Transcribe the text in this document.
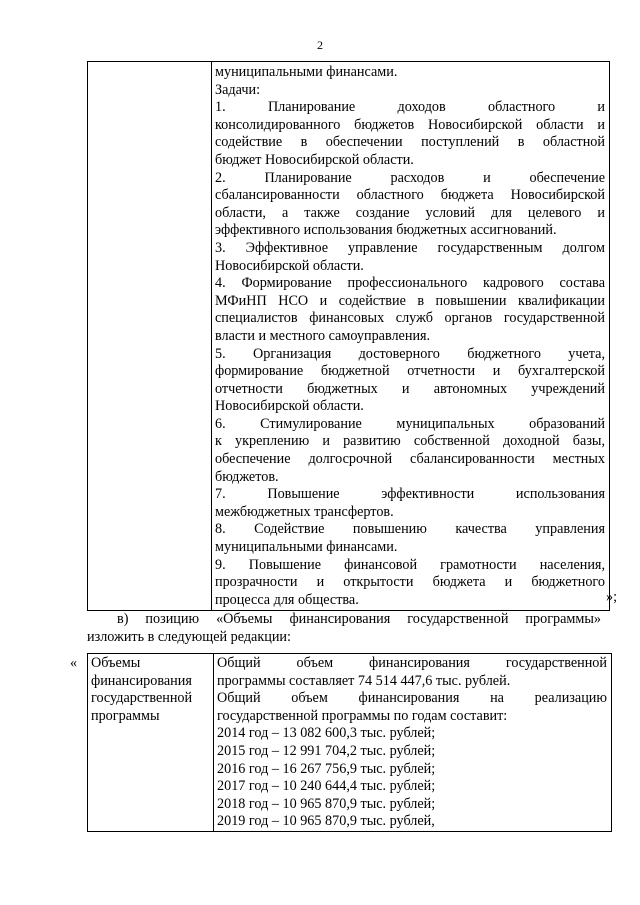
2

муниципальными финансами.
Задачи:
1. Планирование доходов областного и
консолидированного бюджетов Новосибирской области и
содействие в обеспечении поступлений в областной
бюджет Новосибирской области.
2. Планирование расходов и обеспечение
сбалансированности областного бюджета Новосибирской
области, а также создание условий для целевого и
эффективного использования бюджетных ассигнований.
3. Эффективное управление государственным долгом
Новосибирской области.
4. Формирование профессионального кадрового состава
МФиНП НСО и содействие в повышении квалификации
специалистов финансовых служб органов государственной
власти и местного самоуправления.
5. Организация достоверного бюджетного учета,
формирование бюджетной отчетности и бухгалтерской
отчетности бюджетных и автономных учреждений
Новосибирской области.
6. Стимулирование муниципальных образований
к укреплению и развитию собственной доходной базы,
обеспечение долгосрочной сбалансированности местных
бюджетов.
7. Повышение эффективности использования
межбюджетных трансфертов.
8. Содействие повышению качества управления
муниципальными финансами.
9. Повышение финансовой грамотности населения,
прозрачности и открытости бюджета и бюджетного
процесса для общества.	»;
в) позицию «Объемы финансирования государственной программы»
изложить в следующей редакции:
« Объемы
финансирования
государственной
программы

Общий объем финансирования государственной
программы составляет 74 514 447,6 тыс. рублей.
Общий объем финансирования на реализацию
государственной программы по годам составит:
2014 год – 13 082 600,3 тыс. рублей;
2015 год – 12 991 704,2 тыс. рублей;
2016 год – 16 267 756,9 тыс. рублей;
2017 год – 10 240 644,4 тыс. рублей;
2018 год – 10 965 870,9 тыс. рублей;
2019 год – 10 965 870,9 тыс. рублей,
